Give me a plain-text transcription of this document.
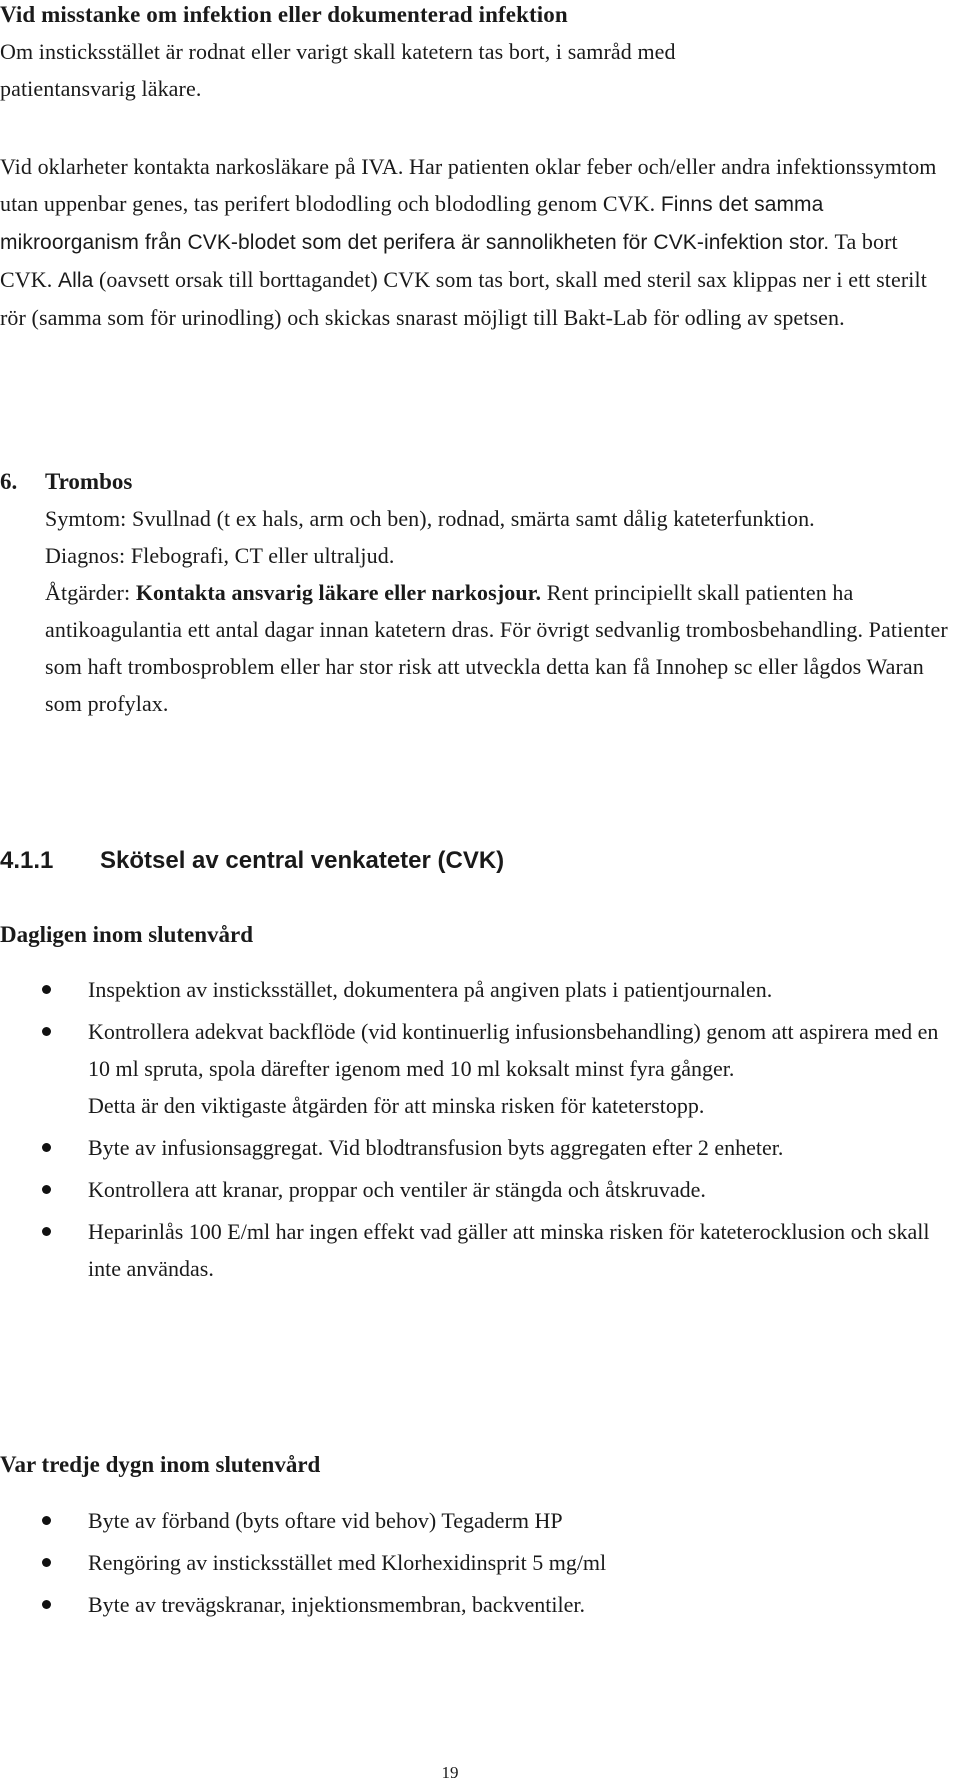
Vid misstanke om infektion eller dokumenterad infektion

Om insticksstället är rodnat eller varigt skall katetern tas bort, i samråd med

patientansvarig läkare.

Vid oklarheter kontakta narkosläkare på IVA. Har patienten oklar feber och/eller andra infektionssymtom utan uppenbar genes, tas perifert blododling och blododling genom CVK. Finns det samma mikroorganism från CVK-blodet som det perifera är sannolikheten för CVK-infektion stor. Ta bort CVK. Alla (oavsett orsak till borttagandet) CVK som tas bort, skall med steril sax klippas ner i ett sterilt rör (samma som för urinodling) och skickas snarast möjligt till Bakt-Lab för odling av spetsen.

6.	Trombos

Symtom: Svullnad (t ex hals, arm och ben), rodnad, smärta samt dålig kateterfunktion.

Diagnos: Flebografi, CT eller ultraljud.

Åtgärder: Kontakta ansvarig läkare eller narkosjour. Rent principiellt skall patienten ha antikoagulantia ett antal dagar innan katetern dras. För övrigt sedvanlig trombosbehandling. Patienter som haft trombosproblem eller har stor risk att utveckla detta kan få Innohep sc eller lågdos Waran som profylax.

4.1.1	Skötsel av central venkateter (CVK)

Dagligen inom slutenvård

Inspektion av insticksstället, dokumentera på angiven plats i patientjournalen.
Kontrollera adekvat backflöde (vid kontinuerlig infusionsbehandling) genom att aspirera med en 10 ml spruta, spola därefter igenom med 10 ml koksalt minst fyra gånger.
Detta är den viktigaste åtgärden för att minska risken för kateterstopp.
Byte av infusionsaggregat. Vid blodtransfusion byts aggregaten efter 2 enheter.
Kontrollera att kranar, proppar och ventiler är stängda och åtskruvade.
Heparinlås 100 E/ml har ingen effekt vad gäller att minska risken för kateterocklusion och skall inte användas.

Var tredje dygn inom slutenvård

Byte av förband (byts oftare vid behov) Tegaderm HP
Rengöring av insticksstället med Klorhexidinsprit 5 mg/ml
Byte av trevägskranar, injektionsmembran, backventiler.

19
